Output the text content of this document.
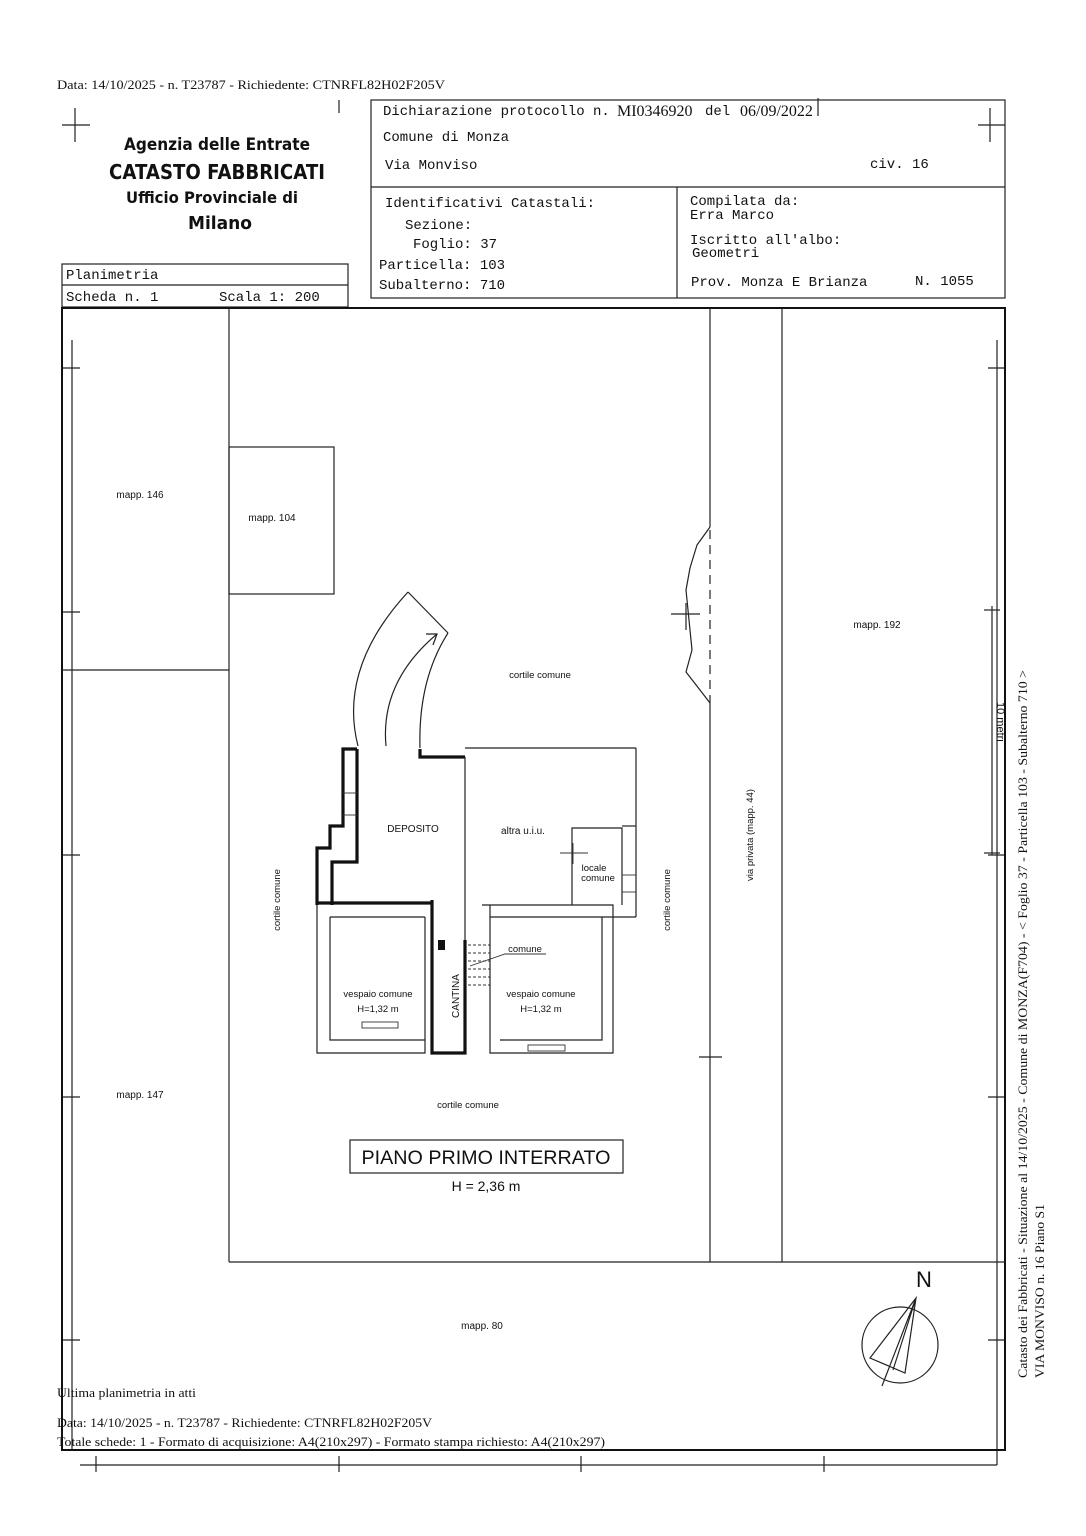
Data: 14/10/2025 - n. T23787 - Richiedente: CTNRFL82H02F205V
Agenzia delle Entrate
CATASTO FABBRICATI
Ufficio Provinciale di
Milano
Planimetria
Scheda n. 1	Scala 1: 200
Dichiarazione protocollo n. MI0346920 del 06/09/2022
Comune di Monza
Via Monviso	civ. 16
Identificativi Catastali:
Sezione:
Foglio: 37
Particella: 103
Subalterno: 710
Compilata da:
Erra Marco
Iscritto all'albo:
Geometri
Prov. Monza E Brianza	N. 1055
10 metri
mapp. 146
mapp. 104
mapp. 192
mapp. 147
mapp. 80
cortile comune
cortile comune
cortile comune	cortile comune
via privata (mapp. 44)
DEPOSITO	altra u.i.u.
locale
comune
comune
vespaio comune
H=1,32 m
vespaio comune
H=1,32 m
CANTINA
PIANO PRIMO INTERRATO
H = 2,36 m
N	Catasto dei Fabbricati - Situazione al 14/10/2025 - Comune di MONZA(F704) - < Foglio 37 - Particella 103 - Subalterno 710 > VIA MONVISO n. 16 Piano S1
Ultima planimetria in atti
Data: 14/10/2025 - n. T23787 - Richiedente: CTNRFL82H02F205V
Totale schede: 1 - Formato di acquisizione: A4(210x297) - Formato stampa richiesto: A4(210x297)
